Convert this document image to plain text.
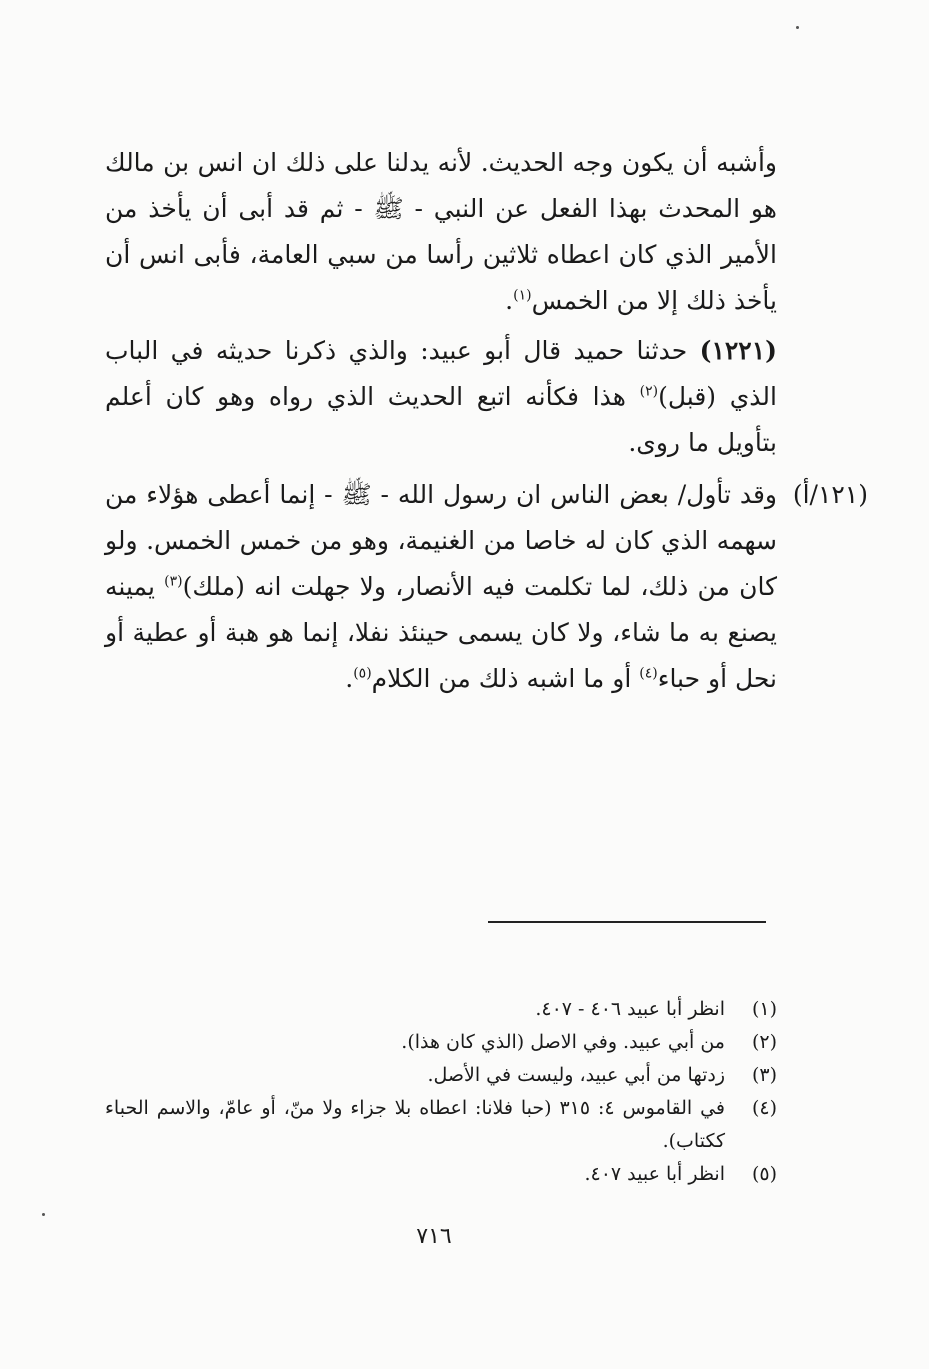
وأشبه أن يكون وجه الحديث. لأنه يدلنا على ذلك ان انس بن مالك هو المحدث بهذا الفعل عن النبي - ﷺ - ثم قد أبى أن يأخذ من الأمير الذي كان اعطاه ثلاثين رأسا من سبي العامة، فأبى انس أن يأخذ ذلك إلا من الخمس$^{(١)}$.
(١٢٢١) حدثنا حميد قال أبو عبيد: والذي ذكرنا حديثه في الباب الذي (قبل)$^{(٢)}$ هذا فكأنه اتبع الحديث الذي رواه وهو كان أعلم بتأويل ما روى.
(١٢١/أ)
وقد تأول/ بعض الناس ان رسول الله - ﷺ - إنما أعطى هؤلاء من سهمه الذي كان له خاصا من الغنيمة، وهو من خمس الخمس. ولو كان من ذلك، لما تكلمت فيه الأنصار، ولا جهلت انه (ملك)$^{(٣)}$ يمينه يصنع به ما شاء، ولا كان يسمى حينئذ نفلا، إنما هو هبة أو عطية أو نحل أو حباء$^{(٤)}$ أو ما اشبه ذلك من الكلام$^{(٥)}$.
(١)
انظر أبا عبيد ٤٠٦ - ٤٠٧.
(٢)
من أبي عبيد. وفي الاصل (الذي كان هذا).
(٣)
زدتها من أبي عبيد، وليست في الأصل.
(٤)
في القاموس ٤: ٣١٥ (حبا فلانا: اعطاه بلا جزاء ولا منّ، أو عامّ، والاسم الحباء ككتاب).
(٥)
انظر أبا عبيد ٤٠٧.
٧١٦
